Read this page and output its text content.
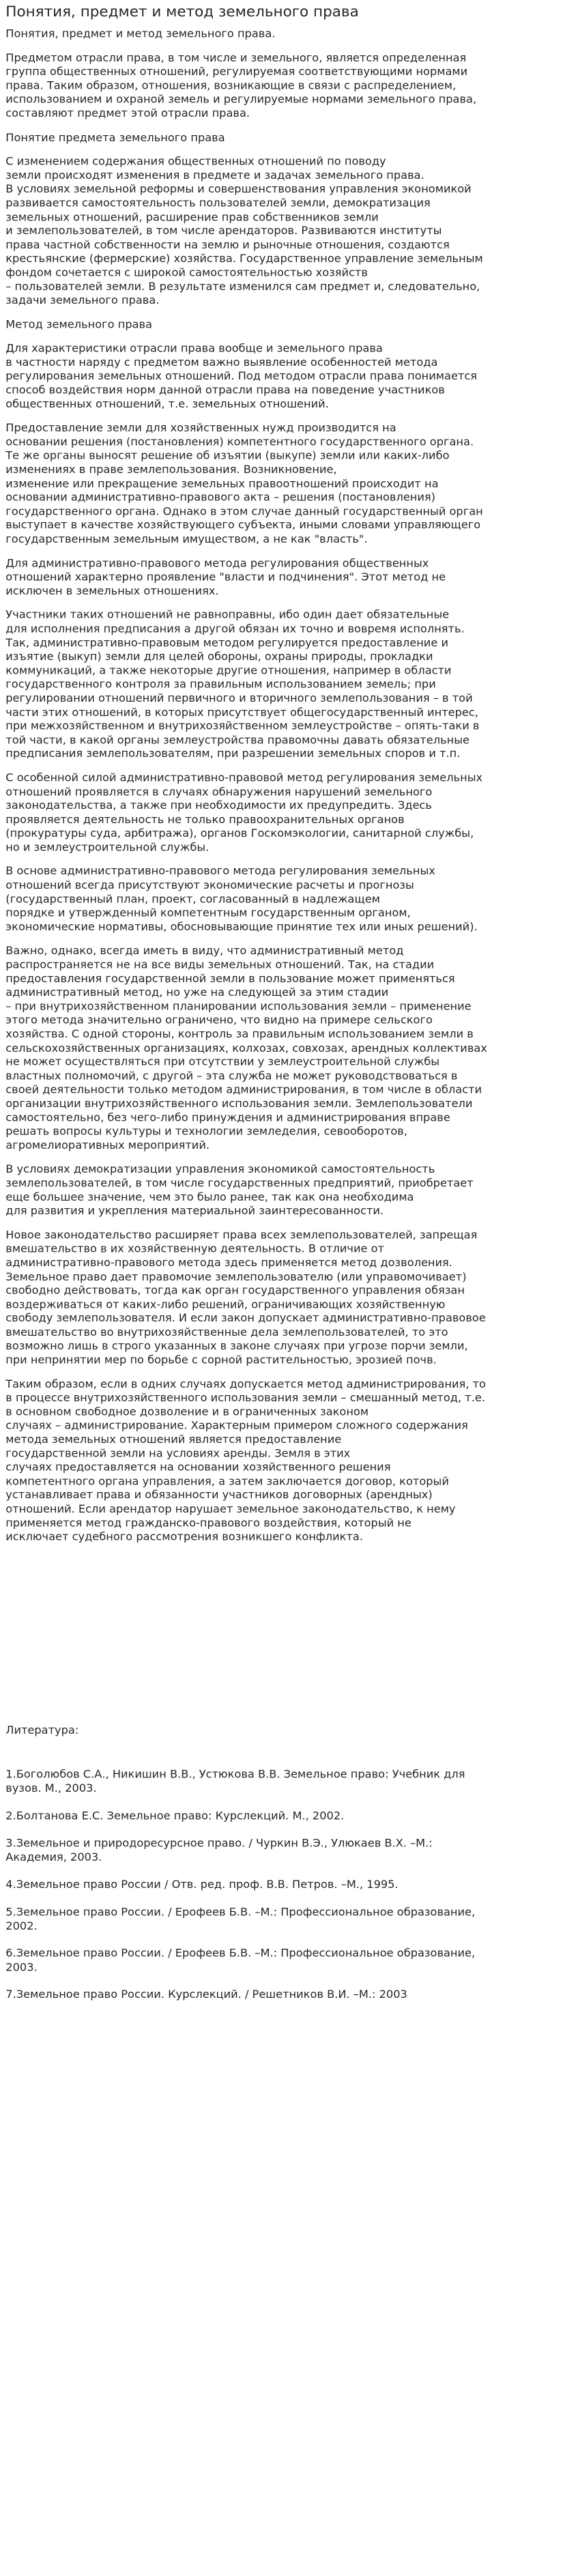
Понятия, предмет и метод земельного права
Понятия, предмет и метод земельного права.
Предметом отрасли права, в том числе и земельного, является определенная
группа общественных отношений, регулируемая соответствующими нормами
права. Таким образом, отношения, возникающие в связи с распределением,
использованием и охраной земель и регулируемые нормами земельного права,
составляют предмет этой отрасли права.
Понятие предмета земельного права
С изменением содержания общественных отношений по поводу
земли происходят изменения в предмете и задачах земельного права.
В условиях земельной реформы и совершенствования управления экономикой
развивается самостоятельность пользователей земли, демократизация
земельных отношений, расширение прав собственников земли
и землепользователей, в том числе арендаторов. Развиваются институты
права частной собственности на землю и рыночные отношения, создаются
крестьянские (фермерские) хозяйства. Государственное управление земельным
фондом сочетается с широкой самостоятельностью хозяйств
– пользователей земли. В результате изменился сам предмет и, следовательно,
задачи земельного права.
Метод земельного права
Для характеристики отрасли права вообще и земельного права
в частности наряду с предметом важно выявление особенностей метода
регулирования земельных отношений. Под методом отрасли права понимается
способ воздействия норм данной отрасли права на поведение участников
общественных отношений, т.е. земельных отношений.
Предоставление земли для хозяйственных нужд производится на
основании решения (постановления) компетентного государственного органа.
Те же органы выносят решение об изъятии (выкупе) земли или каких-либо
изменениях в праве землепользования. Возникновение,
изменение или прекращение земельных правоотношений происходит на
основании административно-правового акта – решения (постановления)
государственного органа. Однако в этом случае данный государственный орган
выступает в качестве хозяйствующего субъекта, иными словами управляющего
государственным земельным имуществом, а не как "власть".
Для административно-правового метода регулирования общественных
отношений характерно проявление "власти и подчинения". Этот метод не
исключен в земельных отношениях.
Участники таких отношений не равноправны, ибо один дает обязательные
для исполнения предписания а другой обязан их точно и вовремя исполнять.
Так, административно-правовым методом регулируется предоставление и
изъятие (выкуп) земли для целей обороны, охраны природы, прокладки
коммуникаций, а также некоторые другие отношения, например в области
государственного контроля за правильным использованием земель; при
регулировании отношений первичного и вторичного землепользования – в той
части этих отношений, в которых присутствует общегосударственный интерес,
при межхозяйственном и внутрихозяйственном землеустройстве – опять-таки в
той части, в какой органы землеустройства правомочны давать обязательные
предписания землепользователям, при разрешении земельных споров и т.п.
С особенной силой административно-правовой метод регулирования земельных
отношений проявляется в случаях обнаружения нарушений земельного
законодательства, а также при необходимости их предупредить. Здесь
проявляется деятельность не только правоохранительных органов
(прокуратуры суда, арбитража), органов Госкомэкологии, санитарной службы,
но и землеустроительной службы.
В основе административно-правового метода регулирования земельных
отношений всегда присутствуют экономические расчеты и прогнозы
(государственный план, проект, согласованный в надлежащем
порядке и утвержденный компетентным государственным органом,
экономические нормативы, обосновывающие принятие тех или иных решений).
Важно, однако, всегда иметь в виду, что административный метод
распространяется не на все виды земельных отношений. Так, на стадии
предоставления государственной земли в пользование может применяться
административный метод, но уже на следующей за этим стадии
– при внутрихозяйственном планировании использования земли – применение
этого метода значительно ограничено, что видно на примере сельского
хозяйства. С одной стороны, контроль за правильным использованием земли в
сельскохозяйственных организациях, колхозах, совхозах, арендных коллективах
не может осуществляться при отсутствии у землеустроительной службы
властных полномочий, с другой – эта служба не может руководствоваться в
своей деятельности только методом администрирования, в том числе в области
организации внутрихозяйственного использования земли. Землепользователи
самостоятельно, без чего-либо принуждения и администрирования вправе
решать вопросы культуры и технологии земледелия, севооборотов,
агромелиоративных мероприятий.
В условиях демократизации управления экономикой самостоятельность
землепользователей, в том числе государственных предприятий, приобретает
еще большее значение, чем это было ранее, так как она необходима
для развития и укрепления материальной заинтересованности.
Новое законодательство расширяет права всех землепользователей, запрещая
вмешательство в их хозяйственную деятельность. В отличие от
административно-правового метода здесь применяется метод дозволения.
Земельное право дает правомочие землепользователю (или управомочивает)
свободно действовать, тогда как орган государственного управления обязан
воздерживаться от каких-либо решений, ограничивающих хозяйственную
свободу землепользователя. И если закон допускает административно-правовое
вмешательство во внутрихозяйственные дела землепользователей, то это
возможно лишь в строго указанных в законе случаях при угрозе порчи земли,
при непринятии мер по борьбе с сорной растительностью, эрозией почв.
Таким образом, если в одних случаях допускается метод администрирования, то
в процессе внутрихозяйственного использования земли – смешанный метод, т.е.
в основном свободное дозволение и в ограниченных законом
случаях – администрирование. Характерным примером сложного содержания
метода земельных отношений является предоставление
государственной земли на условиях аренды. Земля в этих
случаях предоставляется на основании хозяйственного решения
компетентного органа управления, а затем заключается договор, который
устанавливает права и обязанности участников договорных (арендных)
отношений. Если арендатор нарушает земельное законодательство, к нему
применяется метод гражданско-правового воздействия, который не
исключает судебного рассмотрения возникшего конфликта.
Литература:
1.Боголюбов С.А., Никишин В.В., Устюкова В.В. Земельное право: Учебник для
вузов. М., 2003.
2.Болтанова Е.С. Земельное право: Курслекций. М., 2002.
3.Земельное и природоресурсное право. / Чуркин В.Э., Улюкаев В.Х. –М.:
Академия, 2003.
4.Земельное право России / Отв. ред. проф. В.В. Петров. –М., 1995.
5.Земельное право России. / Ерофеев Б.В. –М.: Профессиональное образование,
2002.
6.Земельное право России. / Ерофеев Б.В. –М.: Профессиональное образование,
2003.
7.Земельное право России. Курслекций. / Решетников В.И. –М.: 2003
